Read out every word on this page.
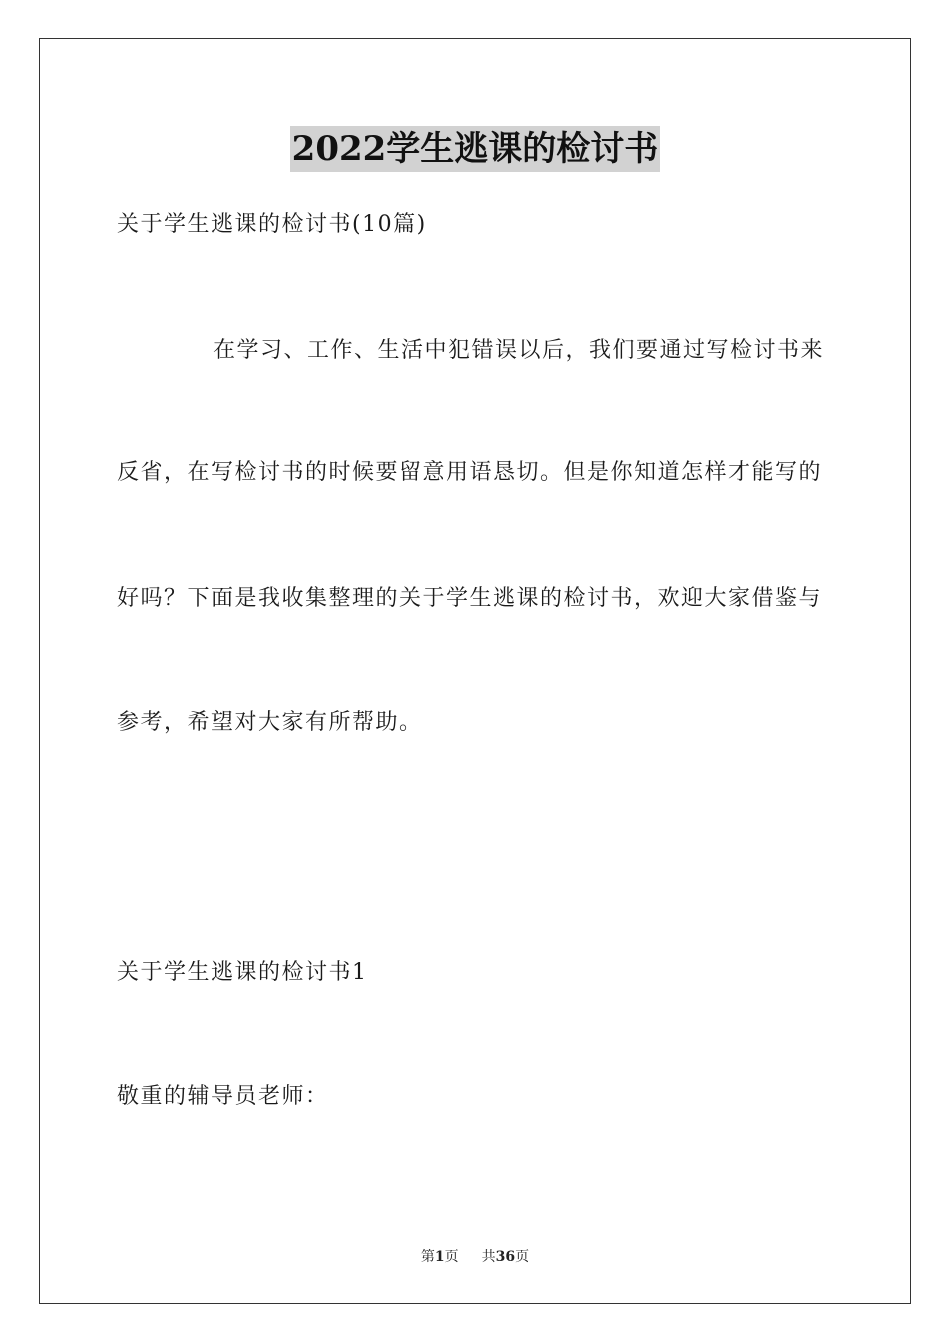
2022学生逃课的检讨书
关于学生逃课的检讨书(10篇)
在学习、工作、生活中犯错误以后，我们要通过写检讨书来
反省，在写检讨书的时候要留意用语恳切。但是你知道怎样才能写的
好吗？下面是我收集整理的关于学生逃课的检讨书，欢迎大家借鉴与
参考，希望对大家有所帮助。
关于学生逃课的检讨书1
敬重的辅导员老师：
第1页 共36页
